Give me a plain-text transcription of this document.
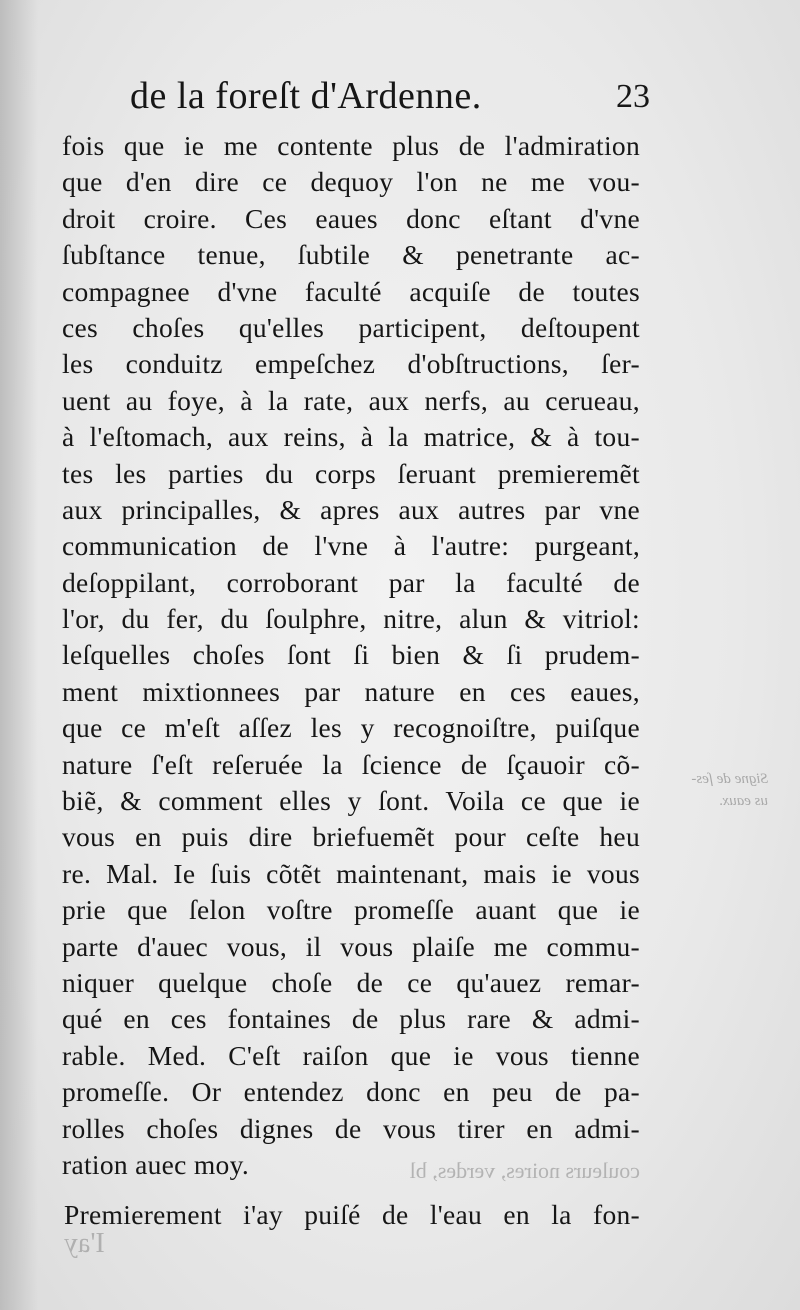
de la foreſt d'Ardenne.	23
fois que ie me contente plus de l'admiration
que d'en dire ce dequoy l'on ne me vou-
droit croire. Ces eaues donc eſtant d'vne
ſubſtance tenue, ſubtile & penetrante ac-
compagnee d'vne faculté acquiſe de toutes
ces choſes qu'elles participent, deſtoupent
les conduitz empeſchez d'obſtructions, ſer-
uent au foye, à la rate, aux nerfs, au cerueau,
à l'eſtomach, aux reins, à la matrice, & à tou-
tes les parties du corps ſeruant premieremẽt
aux principalles, & apres aux autres par vne
communication de l'vne à l'autre: purgeant,
deſoppilant, corroborant par la faculté de
l'or, du fer, du ſoulphre, nitre, alun & vitriol:
leſquelles choſes ſont ſi bien & ſi prudem-
ment mixtionnees par nature en ces eaues,
que ce m'eſt aſſez les y recognoiſtre, puiſque
nature ſ'eſt reſeruée la ſcience de ſçauoir cõ-
biẽ, & comment elles y ſont. Voila ce que ie
vous en puis dire briefuemẽt pour ceſte heu
re. Mal. Ie ſuis cõtẽt maintenant, mais ie vous
prie que ſelon voſtre promeſſe auant que ie
parte d'auec vous, il vous plaiſe me commu-
niquer quelque choſe de ce qu'auez remar-
qué en ces fontaines de plus rare & admi-
rable. Med. C'eſt raiſon que ie vous tienne
promeſſe. Or entendez donc en peu de pa-
rolles choſes dignes de vous tirer en admi-
ration auec moy.
Premierement i'ay puiſé de l'eau en la fon-
Signe de ſes-
us eaux.
couleurs noires, verdes, bl
I'ay
